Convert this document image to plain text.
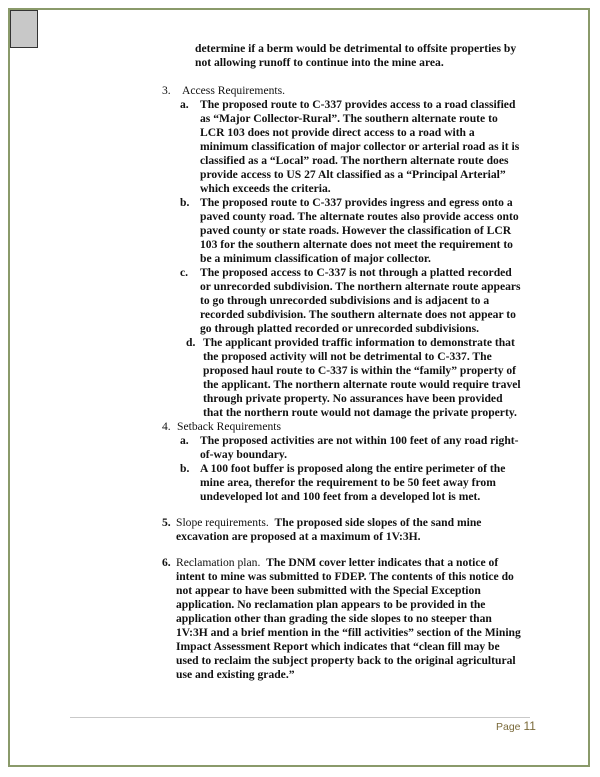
determine if a berm would be detrimental to offsite properties by
not allowing runoff to continue into the mine area.
3. Access Requirements.
a. The proposed route to C-337 provides access to a road classified
as “Major Collector-Rural”. The southern alternate route to
LCR 103 does not provide direct access to a road with a
minimum classification of major collector or arterial road as it is
classified as a “Local” road. The northern alternate route does
provide access to US 27 Alt classified as a “Principal Arterial”
which exceeds the criteria.
b. The proposed route to C-337 provides ingress and egress onto a
paved county road. The alternate routes also provide access onto
paved county or state roads. However the classification of LCR
103 for the southern alternate does not meet the requirement to
be a minimum classification of major collector.
c. The proposed access to C-337 is not through a platted recorded
or unrecorded subdivision. The northern alternate route appears
to go through unrecorded subdivisions and is adjacent to a
recorded subdivision. The southern alternate does not appear to
go through platted recorded or unrecorded subdivisions.
d. The applicant provided traffic information to demonstrate that
the proposed activity will not be detrimental to C-337. The
proposed haul route to C-337 is within the “family” property of
the applicant. The northern alternate route would require travel
through private property. No assurances have been provided
that the northern route would not damage the private property.
4. Setback Requirements
a. The proposed activities are not within 100 feet of any road right-
of-way boundary.
b. A 100 foot buffer is proposed along the entire perimeter of the
mine area, therefor the requirement to be 50 feet away from
undeveloped lot and 100 feet from a developed lot is met.
5. Slope requirements. The proposed side slopes of the sand mine
excavation are proposed at a maximum of 1V:3H.
6. Reclamation plan. The DNM cover letter indicates that a notice of
intent to mine was submitted to FDEP. The contents of this notice do
not appear to have been submitted with the Special Exception
application. No reclamation plan appears to be provided in the
application other than grading the side slopes to no steeper than
1V:3H and a brief mention in the “fill activities” section of the Mining
Impact Assessment Report which indicates that “clean fill may be
used to reclaim the subject property back to the original agricultural
use and existing grade.”
Page 11
